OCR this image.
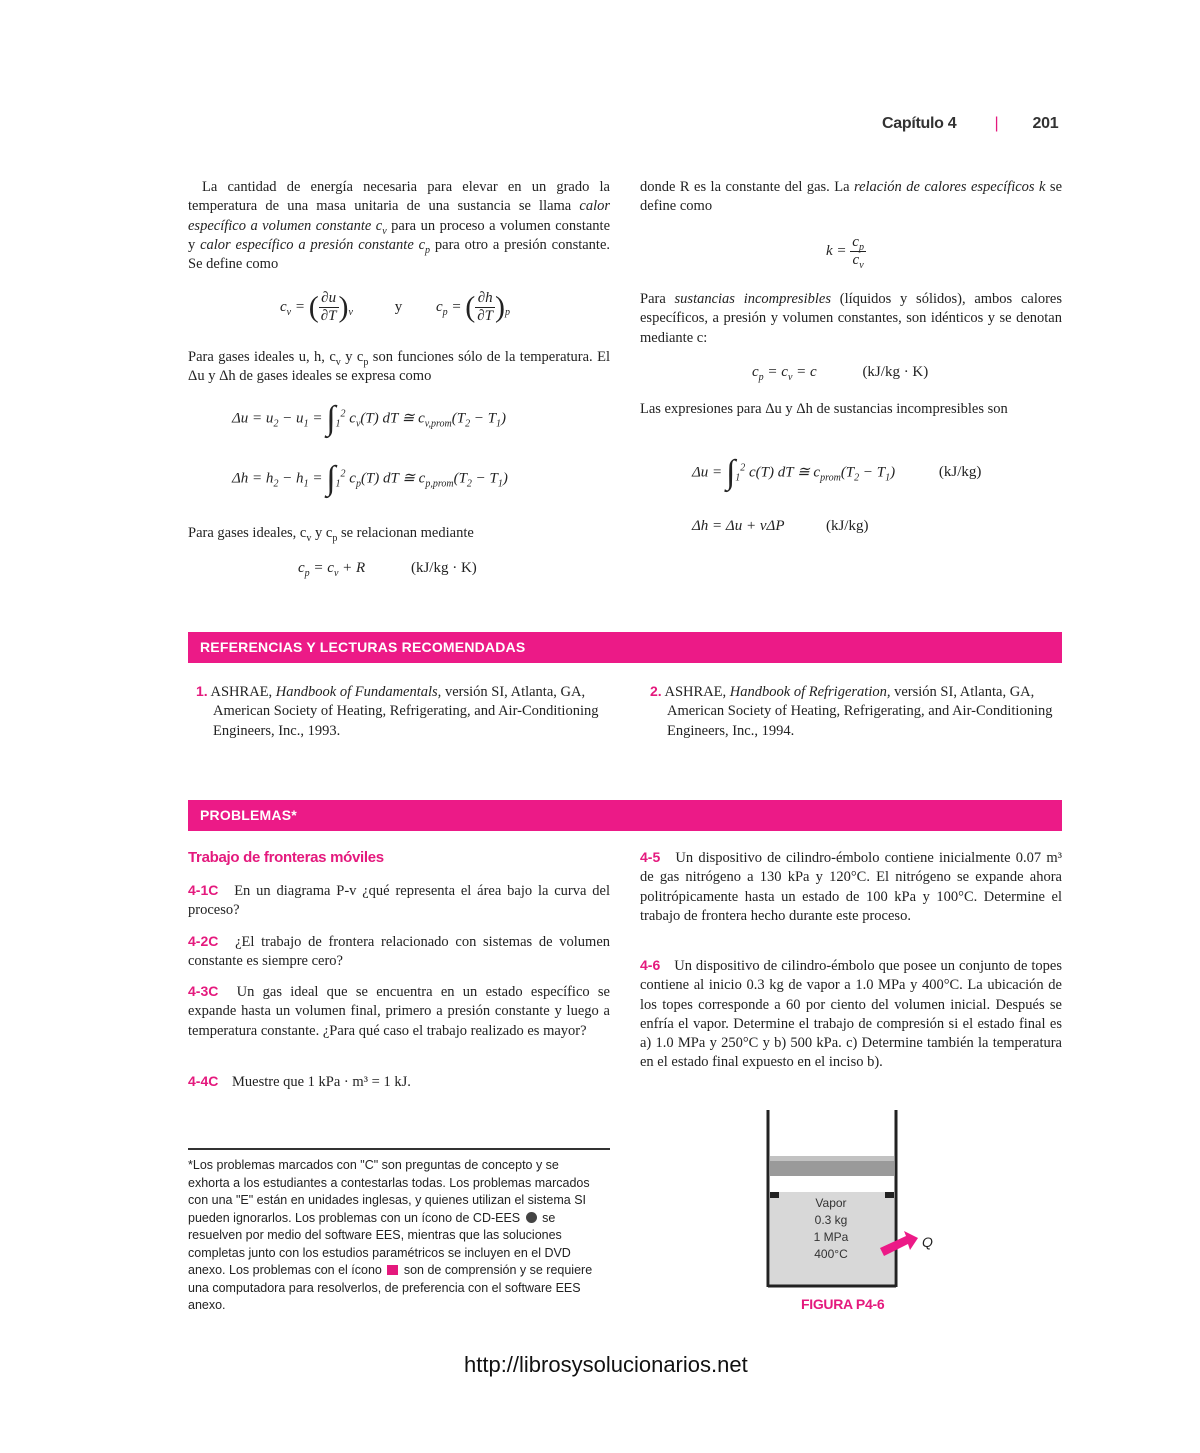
Capítulo 4 | 201
La cantidad de energía necesaria para elevar en un grado la temperatura de una masa unitaria de una sustancia se llama calor específico a volumen constante $c_v$ para un proceso a volumen constante y calor específico a presión constante $c_p$ para otro a presión constante. Se define como
$c_v$ = ( $\frac{\partial u}{\partial T} )_v$	y $c_p$ = ( $\frac{\partial h}{\partial T} )_p$
Para gases ideales u, h, $c_v$ y $c_p$ son funciones sólo de la temperatura. El Δu y Δh de gases ideales se expresa como
$\Delta u = u_2 - u_1 = \int_1^2$ $c_v(T)$ dT ≅ $c_{v,prom}(T_2 - T_1)$
$\Delta h = h_2 - h_1 = \int_1^2$ $c_p(T)$ dT ≅ $c_{p,prom}(T_2 - T_1)$
Para gases ideales, $c_v$ y $c_p$ se relacionan mediante
$c_p = c_v + R$	(kJ/kg · K)
donde R es la constante del gas. La relación de calores específicos k se define como
$k = \frac{c_p}{c_v}$
Para sustancias incompresibles (líquidos y sólidos), ambos calores específicos, a presión y volumen constantes, son idénticos y se denotan mediante c:
$c_p = c_v = c$	(kJ/kg · K)
Las expresiones para Δu y Δh de sustancias incompresibles son
$\Delta u = \int_1^2$ c(T) dT ≅ $c_{prom}(T_2 - T_1)$	(kJ/kg)
Δh = Δu + vΔP	(kJ/kg)
REFERENCIAS Y LECTURAS RECOMENDADAS
1. ASHRAE, Handbook of Fundamentals, versión SI, Atlanta, GA, American Society of Heating, Refrigerating, and Air-Conditioning Engineers, Inc., 1993.
2. ASHRAE, Handbook of Refrigeration, versión SI, Atlanta, GA, American Society of Heating, Refrigerating, and Air-Conditioning Engineers, Inc., 1994.
PROBLEMAS*
Trabajo de fronteras móviles
4-1C En un diagrama P-v ¿qué representa el área bajo la curva del proceso?
4-2C ¿El trabajo de frontera relacionado con sistemas de volumen constante es siempre cero?
4-3C Un gas ideal que se encuentra en un estado específico se expande hasta un volumen final, primero a presión constante y luego a temperatura constante. ¿Para qué caso el trabajo realizado es mayor?
4-4C Muestre que 1 kPa · m³ = 1 kJ.
4-5 Un dispositivo de cilindro-émbolo contiene inicialmente 0.07 m³ de gas nitrógeno a 130 kPa y 120°C. El nitrógeno se expande ahora politrópicamente hasta un estado de 100 kPa y 100°C. Determine el trabajo de frontera hecho durante este proceso.
4-6 Un dispositivo de cilindro-émbolo que posee un conjunto de topes contiene al inicio 0.3 kg de vapor a 1.0 MPa y 400°C. La ubicación de los topes corresponde a 60 por ciento del volumen inicial. Después se enfría el vapor. Determine el trabajo de compresión si el estado final es a) 1.0 MPa y 250°C y b) 500 kPa. c) Determine también la temperatura en el estado final expuesto en el inciso b).
*Los problemas marcados con "C" son preguntas de concepto y se exhorta a los estudiantes a contestarlas todas. Los problemas marcados con una "E" están en unidades inglesas, y quienes utilizan el sistema SI pueden ignorarlos. Los problemas con un ícono de CD-EES se resuelven por medio del software EES, mientras que las soluciones completas junto con los estudios paramétricos se incluyen en el DVD anexo. Los problemas con el ícono son de comprensión y se requiere una computadora para resolverlos, de preferencia con el software EES anexo.
Vapor
0.3 kg
1 MPa
400°C
Q
FIGURA P4-6
http://librosysolucionarios.net
